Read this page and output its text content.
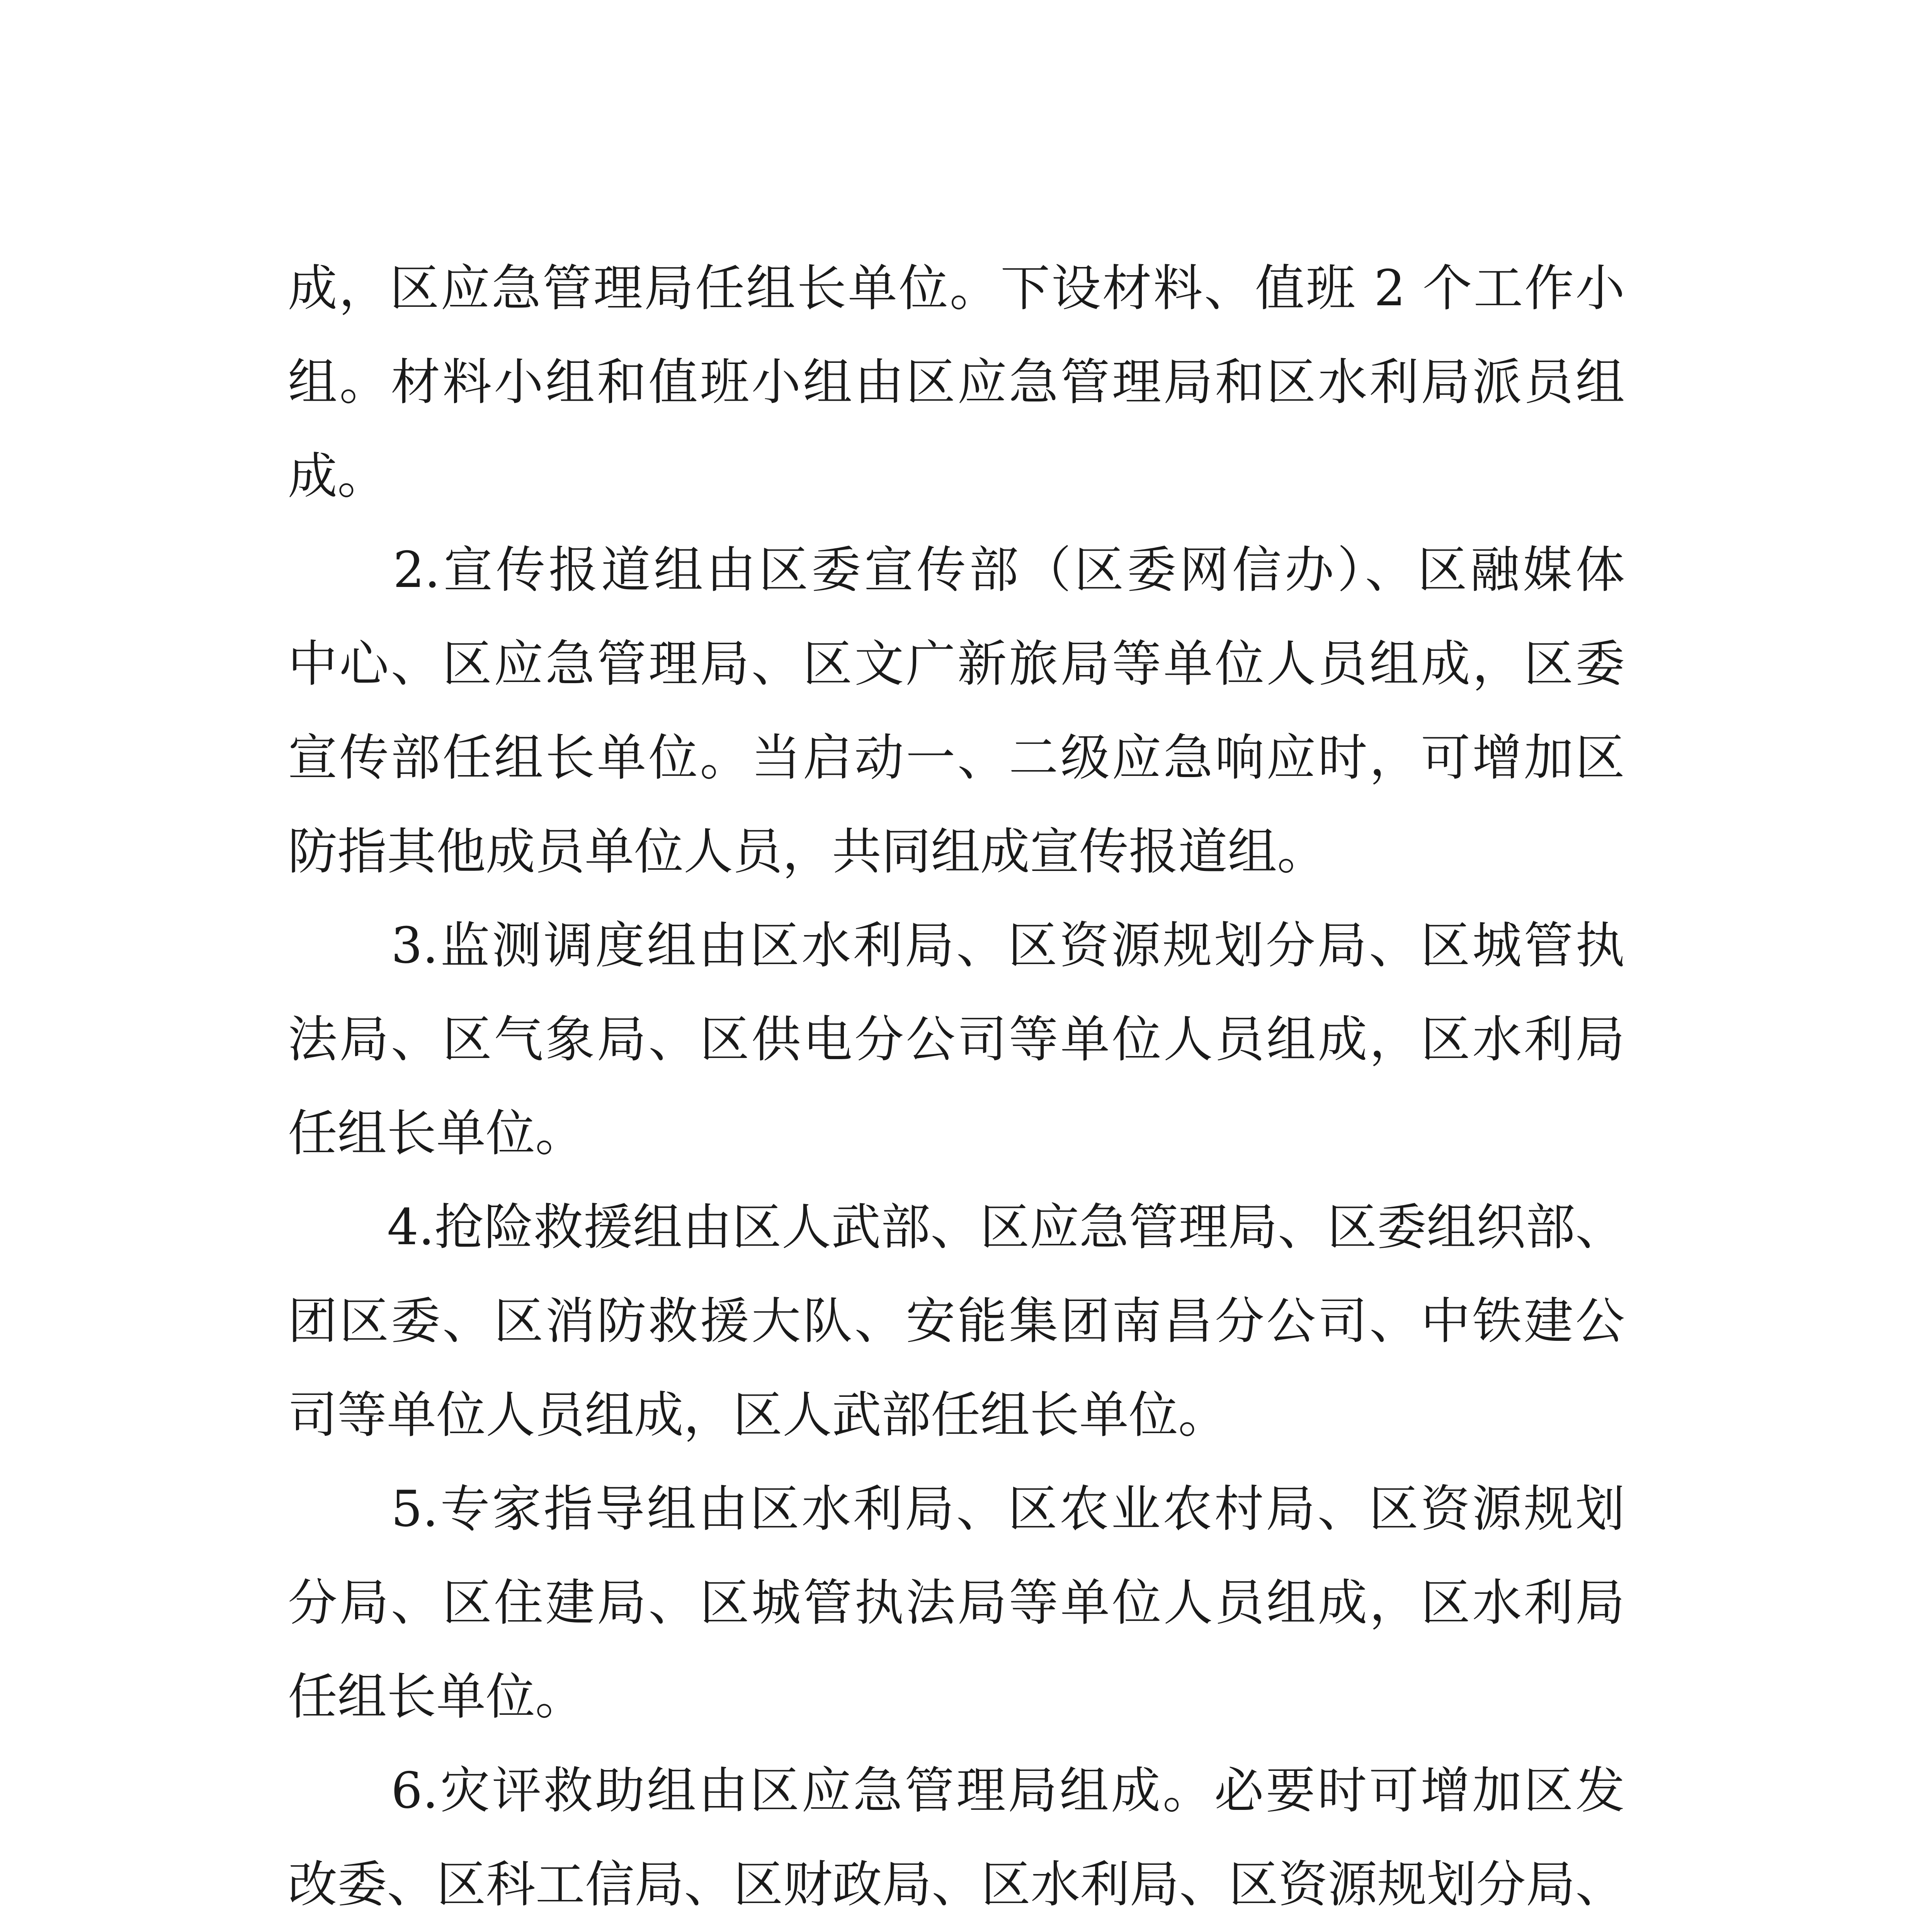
成，区应急管理局任组长单位。下设材料、值班 2 个工作小
组。材料小组和值班小组由区应急管理局和区水利局派员组
成。
　　2.宣传报道组由区委宣传部（区委网信办）、区融媒体
中心、区应急管理局、区文广新旅局等单位人员组成，区委
宣传部任组长单位。当启动一、二级应急响应时，可增加区
防指其他成员单位人员，共同组成宣传报道组。
　　3.监测调度组由区水利局、区资源规划分局、区城管执
法局、区气象局、区供电分公司等单位人员组成，区水利局
任组长单位。
　　4.抢险救援组由区人武部、区应急管理局、区委组织部、
团区委、区消防救援大队、安能集团南昌分公司、中铁建公
司等单位人员组成，区人武部任组长单位。
　　5.专家指导组由区水利局、区农业农村局、区资源规划
分局、区住建局、区城管执法局等单位人员组成，区水利局
任组长单位。
　　6.灾评救助组由区应急管理局组成。必要时可增加区发
改委、区科工信局、区财政局、区水利局、区资源规划分局、
